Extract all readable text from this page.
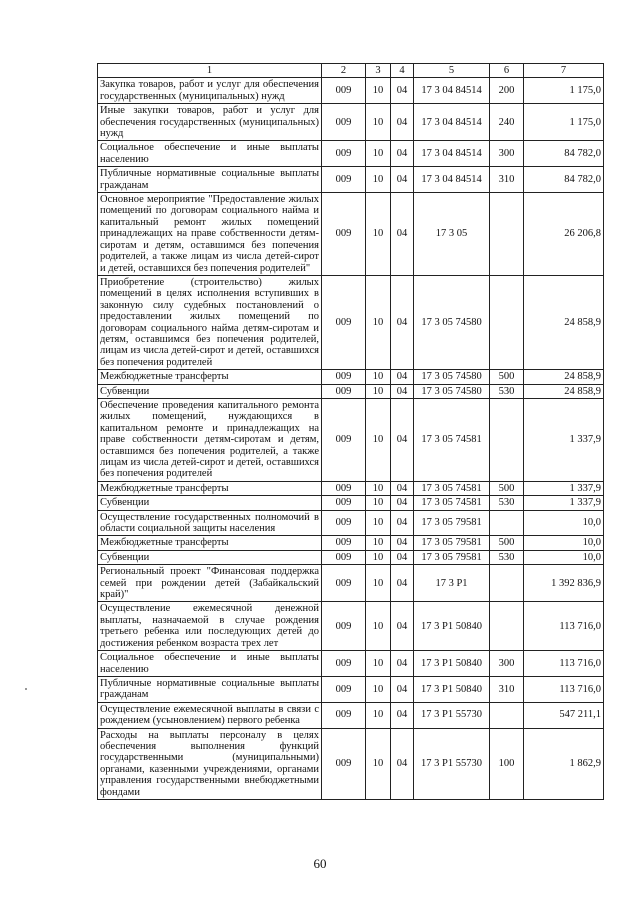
1	2	3	4	5	6	7
Закупка товаров, работ и услуг для обеспечения государственных (муниципальных) нужд	009	10	04	17 3 04 84514	200	1 175,0
Иные закупки товаров, работ и услуг для обеспечения государственных (муниципальных) нужд	009	10	04	17 3 04 84514	240	1 175,0
Социальное обеспечение и иные выплаты населению	009	10	04	17 3 04 84514	300	84 782,0
Публичные нормативные социальные выплаты гражданам	009	10	04	17 3 04 84514	310	84 782,0
Основное мероприятие "Предоставление жилых помещений по договорам социального найма и капитальный ремонт жилых помещений принадлежащих на праве собственности детям-сиротам и детям, оставшимся без попечения родителей, а также лицам из числа детей-сирот и детей, оставшихся без попечения родителей"	009	10	04	17 3 05		26 206,8
Приобретение (строительство) жилых помещений в целях исполнения вступивших в законную силу судебных постановлений о предоставлении жилых помещений по договорам социального найма детям-сиротам и детям, оставшимся без попечения родителей, лицам из числа детей-сирот и детей, оставшихся без попечения родителей	009	10	04	17 3 05 74580		24 858,9
Межбюджетные трансферты	009	10	04	17 3 05 74580	500	24 858,9
Субвенции	009	10	04	17 3 05 74580	530	24 858,9
Обеспечение проведения капитального ремонта жилых помещений, нуждающихся в капитальном ремонте и принадлежащих на праве собственности детям-сиротам и детям, оставшимся без попечения родителей, а также лицам из числа детей-сирот и детей, оставшихся без попечения родителей	009	10	04	17 3 05 74581		1 337,9
Межбюджетные трансферты	009	10	04	17 3 05 74581	500	1 337,9
Субвенции	009	10	04	17 3 05 74581	530	1 337,9
Осуществление государственных полномочий в области социальной защиты населения	009	10	04	17 3 05 79581		10,0
Межбюджетные трансферты	009	10	04	17 3 05 79581	500	10,0
Субвенции	009	10	04	17 3 05 79581	530	10,0
Региональный проект "Финансовая поддержка семей при рождении детей (Забайкальский край)"	009	10	04	17 3 P1		1 392 836,9
Осуществление ежемесячной денежной выплаты, назначаемой в случае рождения третьего ребенка или последующих детей до достижения ребенком возраста трех лет	009	10	04	17 3 P1 50840		113 716,0
Социальное обеспечение и иные выплаты населению	009	10	04	17 3 P1 50840	300	113 716,0
Публичные нормативные социальные выплаты гражданам	009	10	04	17 3 P1 50840	310	113 716,0
Осуществление ежемесячной выплаты в связи с рождением (усыновлением) первого ребенка	009	10	04	17 3 P1 55730		547 211,1
Расходы на выплаты персоналу в целях обеспечения выполнения функций государственными (муниципальными) органами, казенными учреждениями, органами управления государственными внебюджетными фондами	009	10	04	17 3 P1 55730	100	1 862,9
60
